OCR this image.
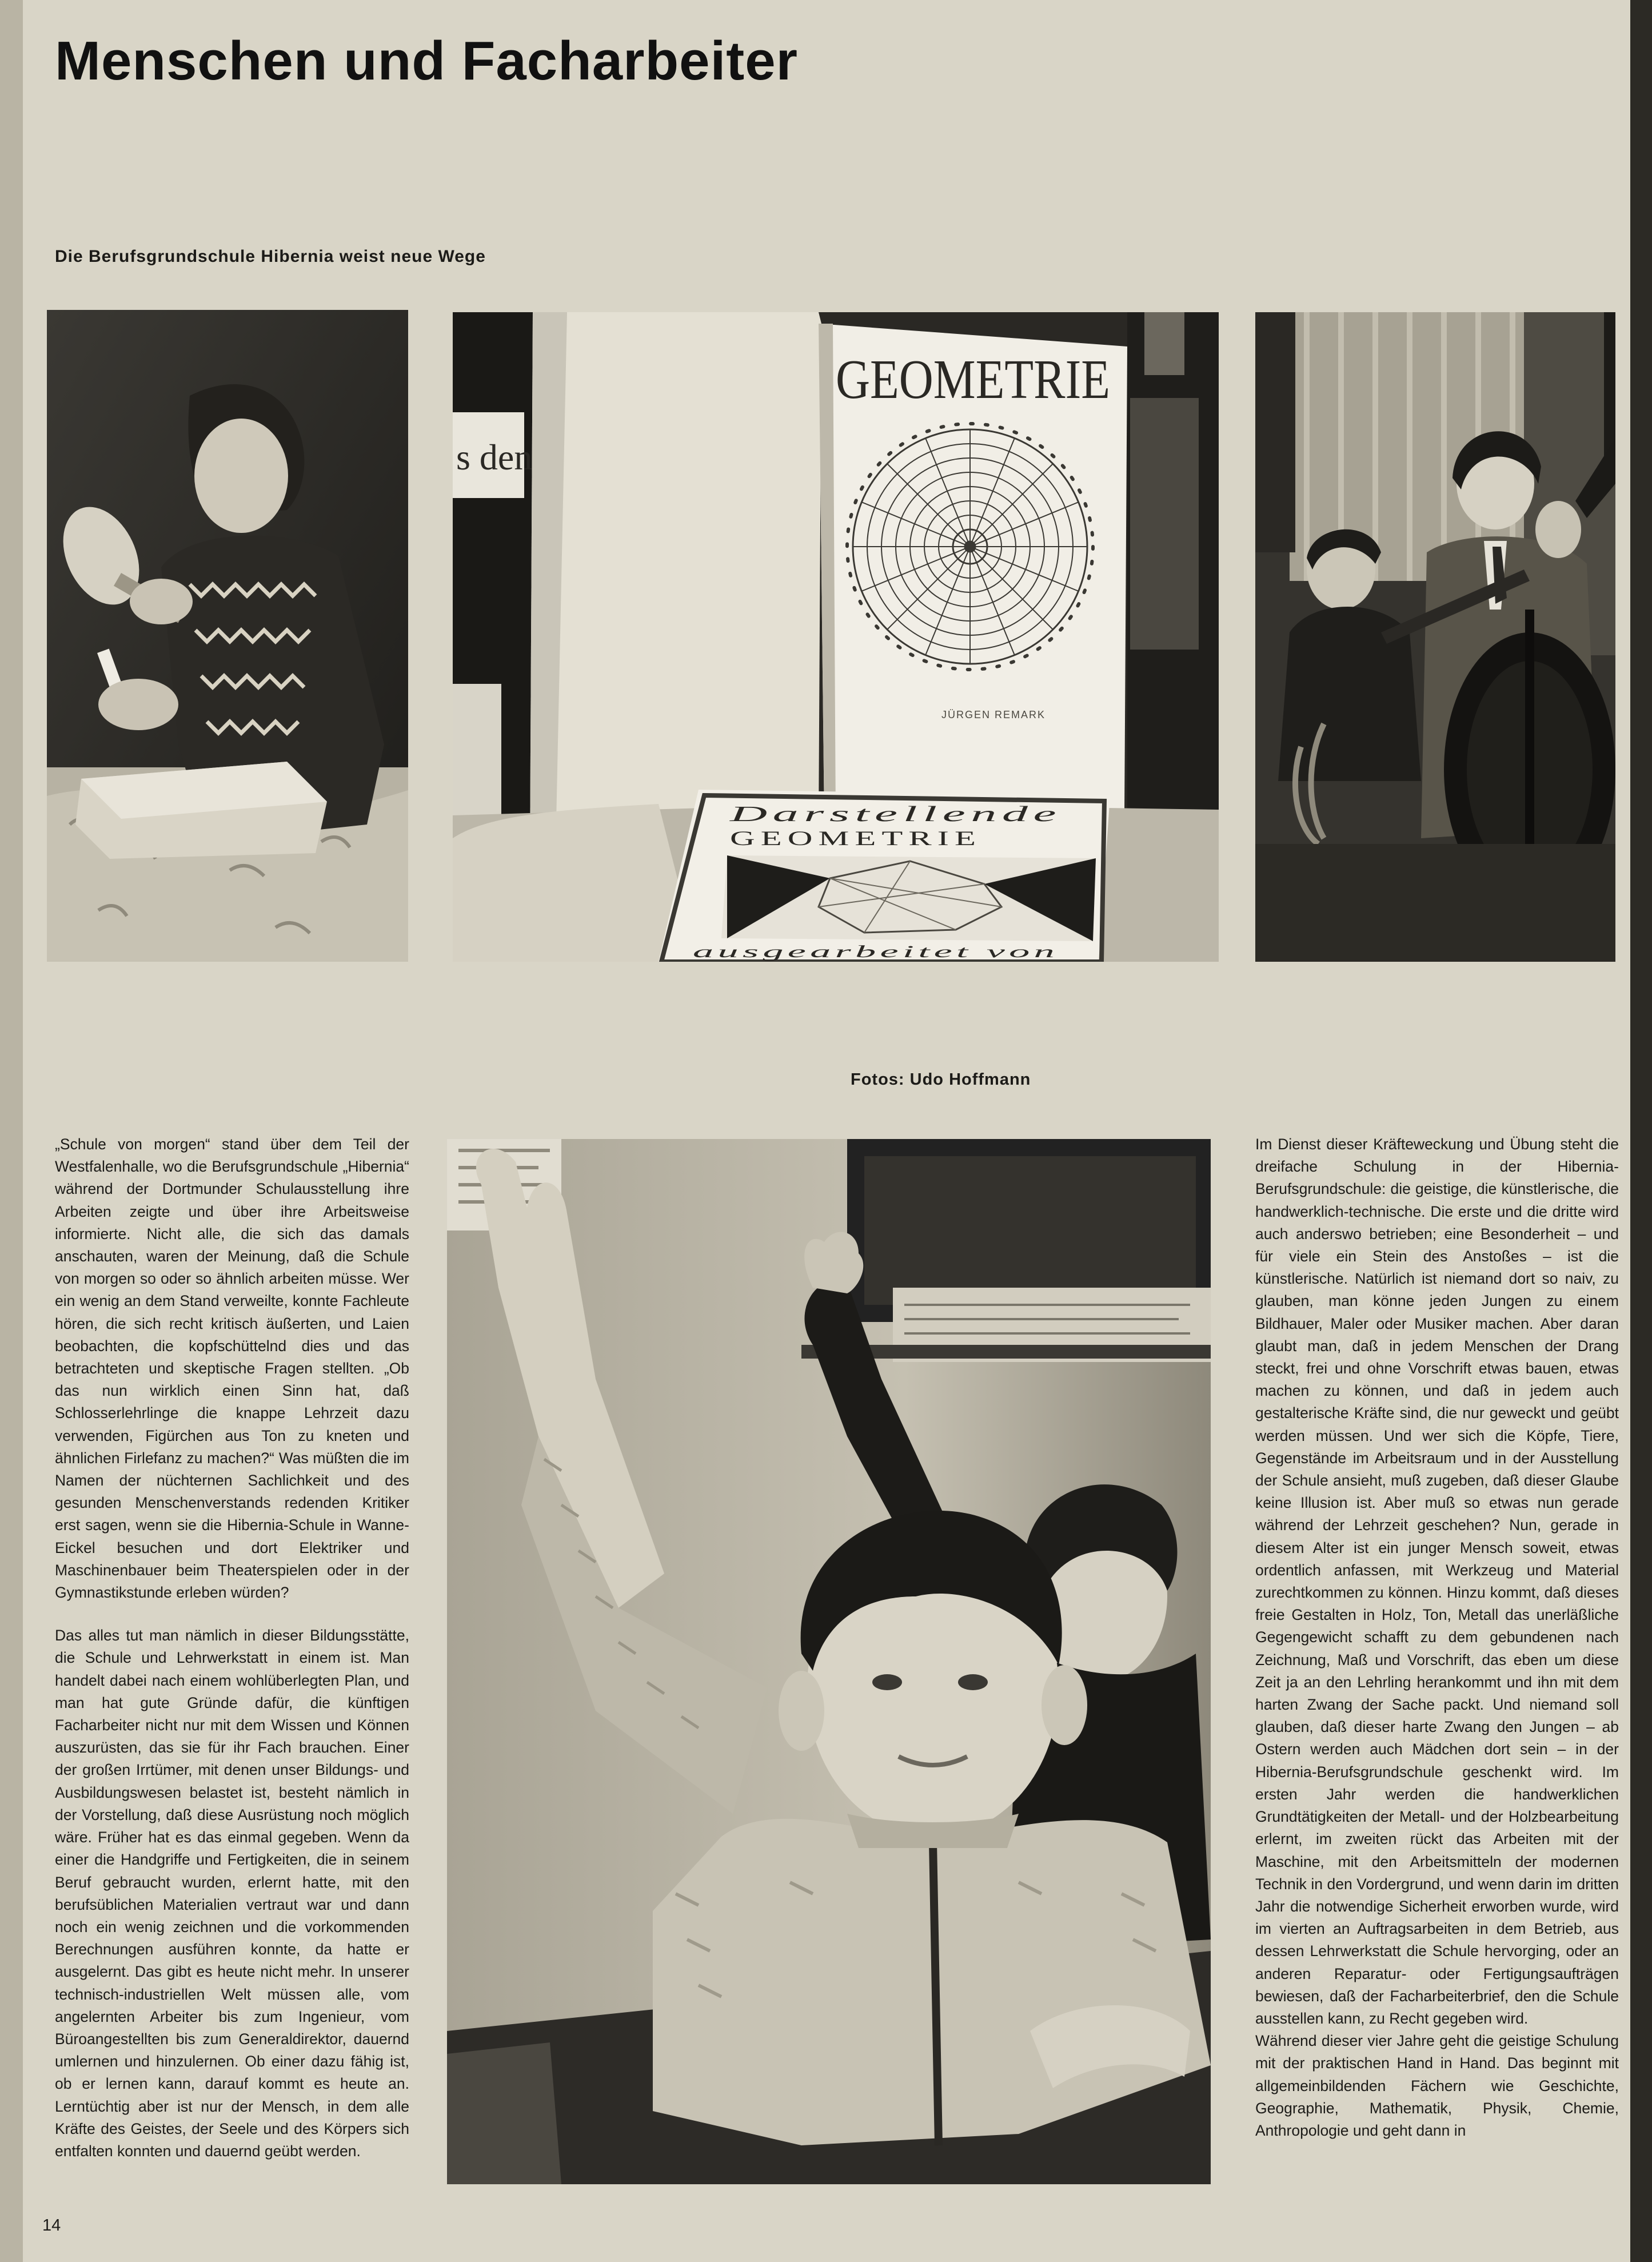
Menschen und Facharbeiter
Die Berufsgrundschule Hibernia weist neue Wege
s den
GEOMETRIE
JÜRGEN REMARK
Darstellende
GEOMETRIE
ausgearbeitet von
Fotos: Udo Hoffmann

„Schule von morgen“ stand über dem Teil der Westfalenhalle, wo die Berufsgrundschule „Hibernia“ während der Dortmunder Schulausstellung ihre Arbeiten zeigte und über ihre Arbeitsweise informierte. Nicht alle, die sich das damals anschauten, waren der Meinung, daß die Schule von morgen so oder so ähnlich arbeiten müsse. Wer ein wenig an dem Stand verweilte, konnte Fachleute hören, die sich recht kritisch äußerten, und Laien beobachten, die kopfschüttelnd dies und das betrachteten und skeptische Fragen stellten. „Ob das nun wirklich einen Sinn hat, daß Schlosserlehrlinge die knappe Lehrzeit dazu verwenden, Figürchen aus Ton zu kneten und ähnlichen Firlefanz zu machen?“ Was müßten die im Namen der nüchternen Sachlichkeit und des gesunden Menschenverstands redenden Kritiker erst sagen, wenn sie die Hibernia-Schule in Wanne-Eickel besuchen und dort Elektriker und Maschinenbauer beim Theaterspielen oder in der Gymnastikstunde erleben würden?

Das alles tut man nämlich in dieser Bildungsstätte, die Schule und Lehrwerkstatt in einem ist. Man handelt dabei nach einem wohlüberlegten Plan, und man hat gute Gründe dafür, die künftigen Facharbeiter nicht nur mit dem Wissen und Können auszurüsten, das sie für ihr Fach brauchen. Einer der großen Irrtümer, mit denen unser Bildungs- und Ausbildungswesen belastet ist, besteht nämlich in der Vorstellung, daß diese Ausrüstung noch möglich wäre. Früher hat es das einmal gegeben. Wenn da einer die Handgriffe und Fertigkeiten, die in seinem Beruf gebraucht wurden, erlernt hatte, mit den berufsüblichen Materialien vertraut war und dann noch ein wenig zeichnen und die vorkommenden Berechnungen ausführen konnte, da hatte er ausgelernt. Das gibt es heute nicht mehr. In unserer technisch-industriellen Welt müssen alle, vom angelernten Arbeiter bis zum Ingenieur, vom Büroangestellten bis zum Generaldirektor, dauernd umlernen und hinzulernen. Ob einer dazu fähig ist, ob er lernen kann, darauf kommt es heute an. Lerntüchtig aber ist nur der Mensch, in dem alle Kräfte des Geistes, der Seele und des Körpers sich entfalten konnten und dauernd geübt werden.

Im Dienst dieser Kräfteweckung und Übung steht die dreifache Schulung in der Hibernia-Berufsgrundschule: die geistige, die künstlerische, die handwerklich-technische. Die erste und die dritte wird auch anderswo betrieben; eine Besonderheit – und für viele ein Stein des Anstoßes – ist die künstlerische. Natürlich ist niemand dort so naiv, zu glauben, man könne jeden Jungen zu einem Bildhauer, Maler oder Musiker machen. Aber daran glaubt man, daß in jedem Menschen der Drang steckt, frei und ohne Vorschrift etwas bauen, etwas machen zu können, und daß in jedem auch gestalterische Kräfte sind, die nur geweckt und geübt werden müssen. Und wer sich die Köpfe, Tiere, Gegenstände im Arbeitsraum und in der Ausstellung der Schule ansieht, muß zugeben, daß dieser Glaube keine Illusion ist. Aber muß so etwas nun gerade während der Lehrzeit geschehen? Nun, gerade in diesem Alter ist ein junger Mensch soweit, etwas ordentlich anfassen, mit Werkzeug und Material zurechtkommen zu können. Hinzu kommt, daß dieses freie Gestalten in Holz, Ton, Metall das unerläßliche Gegengewicht schafft zu dem gebundenen nach Zeichnung, Maß und Vorschrift, das eben um diese Zeit ja an den Lehrling herankommt und ihn mit dem harten Zwang der Sache packt. Und niemand soll glauben, daß dieser harte Zwang den Jungen – ab Ostern werden auch Mädchen dort sein – in der Hibernia-Berufsgrundschule geschenkt wird. Im ersten Jahr werden die handwerklichen Grundtätigkeiten der Metall- und der Holzbearbeitung erlernt, im zweiten rückt das Arbeiten mit der Maschine, mit den Arbeitsmitteln der modernen Technik in den Vordergrund, und wenn darin im dritten Jahr die notwendige Sicherheit erworben wurde, wird im vierten an Auftragsarbeiten in dem Betrieb, aus dessen Lehrwerkstatt die Schule hervorging, oder an anderen Reparatur- oder Fertigungsaufträgen bewiesen, daß der Facharbeiterbrief, den die Schule ausstellen kann, zu Recht gegeben wird.

Während dieser vier Jahre geht die geistige Schulung mit der praktischen Hand in Hand. Das beginnt mit allgemeinbildenden Fächern wie Geschichte, Geographie, Mathematik, Physik, Chemie, Anthropologie und geht dann in

14
